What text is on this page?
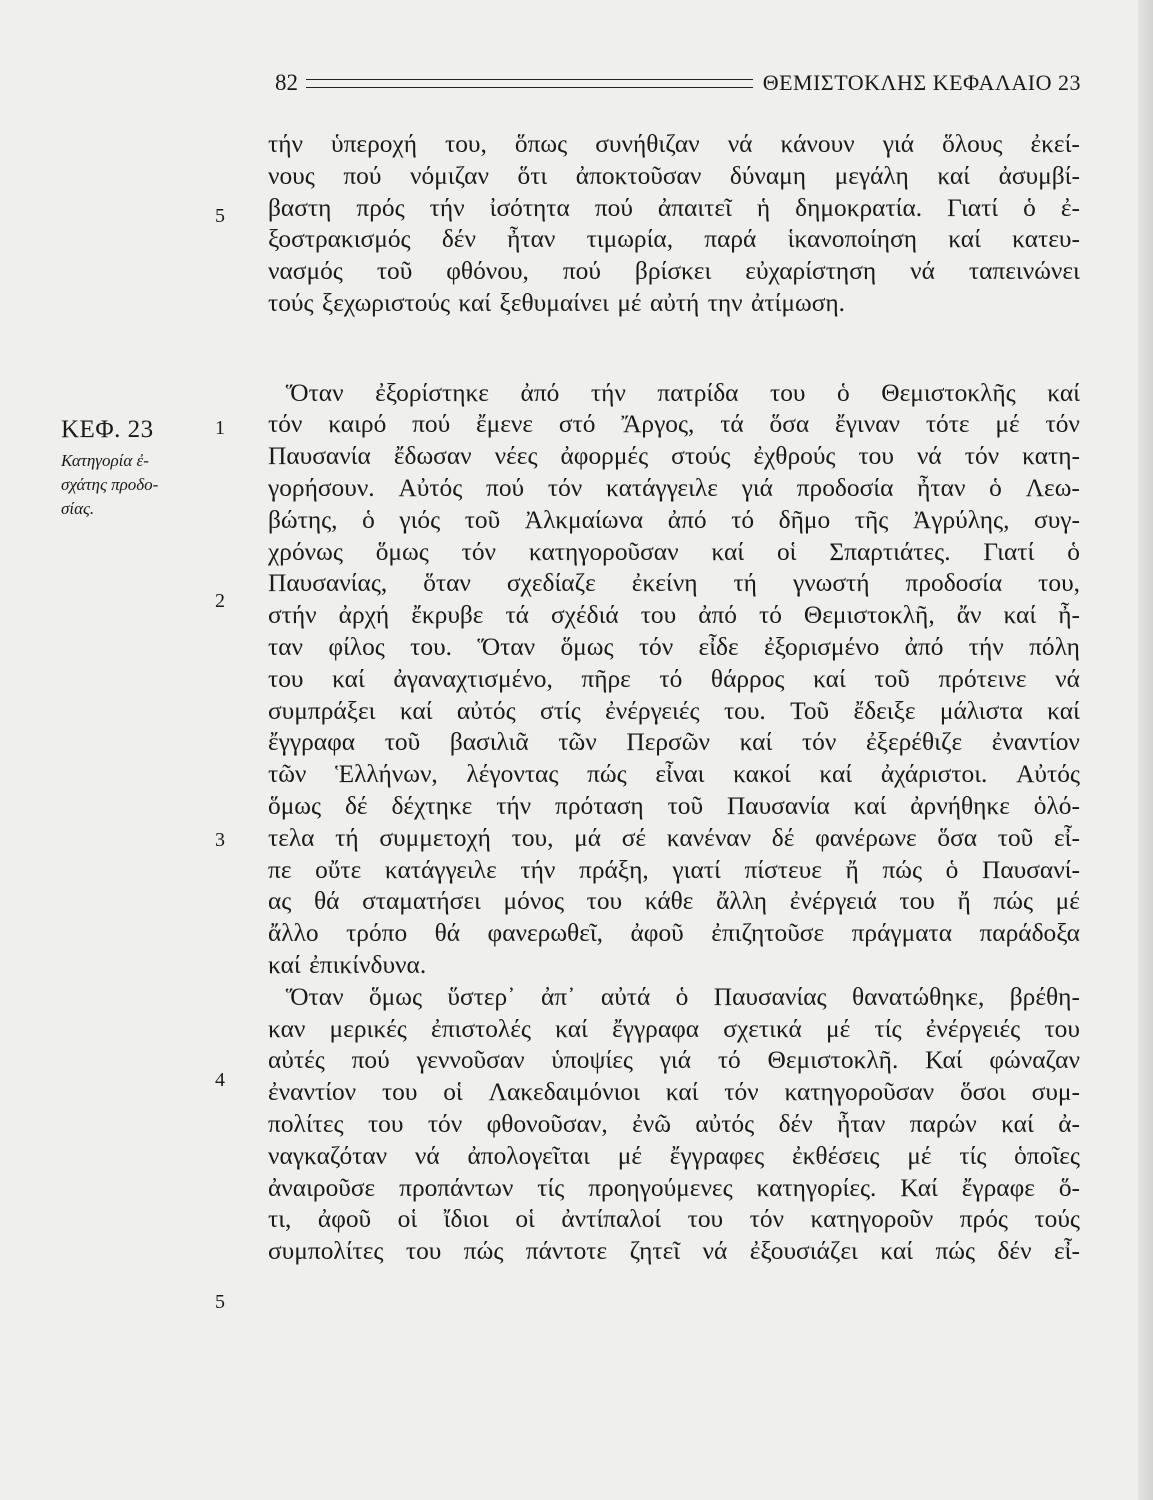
82	ΘΕΜΙΣΤΟΚΛΗΣ ΚΕΦΑΛΑΙΟ 23
ΚΕΦ. 23
Κατηγορία ἐ-
σχάτης προδο-
σίας.
5
1
2
3
4
5
τήν ὑπεροχή του, ὅπως συνήθιζαν νά κάνουν γιά ὅλους ἐκεί-
νους πού νόμιζαν ὅτι ἀποκτοῦσαν δύναμη μεγάλη καί ἀσυμβί-
βαστη πρός τήν ἰσότητα πού ἀπαιτεῖ ἡ δημοκρατία. Γιατί ὁ ἐ-
ξοστρακισμός δέν ἦταν τιμωρία, παρά ἱκανοποίηση καί κατευ-
νασμός τοῦ φθόνου, πού βρίσκει εὐχαρίστηση νά ταπεινώνει
τούς ξεχωριστούς καί ξεθυμαίνει μέ αὐτή την ἀτίμωση.
Ὅταν ἐξορίστηκε ἀπό τήν πατρίδα του ὁ Θεμιστοκλῆς καί
τόν καιρό πού ἔμενε στό Ἄργος, τά ὅσα ἔγιναν τότε μέ τόν
Παυσανία ἔδωσαν νέες ἀφορμές στούς ἐχθρούς του νά τόν κατη-
γορήσουν. Αὐτός πού τόν κατάγγειλε γιά προδοσία ἦταν ὁ Λεω-
βώτης, ὁ γιός τοῦ Ἀλκμαίωνα ἀπό τό δῆμο τῆς Ἀγρύλης, συγ-
χρόνως ὅμως τόν κατηγοροῦσαν καί οἱ Σπαρτιάτες. Γιατί ὁ
Παυσανίας, ὅταν σχεδίαζε ἐκείνη τή γνωστή προδοσία του,
στήν ἀρχή ἔκρυβε τά σχέδιά του ἀπό τό Θεμιστοκλῆ, ἄν καί ἦ-
ταν φίλος του. Ὅταν ὅμως τόν εἶδε ἐξορισμένο ἀπό τήν πόλη
του καί ἀγαναχτισμένο, πῆρε τό θάρρος καί τοῦ πρότεινε νά
συμπράξει καί αὐτός στίς ἐνέργειές του. Τοῦ ἔδειξε μάλιστα καί
ἔγγραφα τοῦ βασιλιᾶ τῶν Περσῶν καί τόν ἐξερέθιζε ἐναντίον
τῶν Ἑλλήνων, λέγοντας πώς εἶναι κακοί καί ἀχάριστοι. Αὐτός
ὅμως δέ δέχτηκε τήν πρόταση τοῦ Παυσανία καί ἀρνήθηκε ὁλό-
τελα τή συμμετοχή του, μά σέ κανέναν δέ φανέρωνε ὅσα τοῦ εἶ-
πε οὔτε κατάγγειλε τήν πράξη, γιατί πίστευε ἤ πώς ὁ Παυσανί-
ας θά σταματήσει μόνος του κάθε ἄλλη ἐνέργειά του ἤ πώς μέ
ἄλλο τρόπο θά φανερωθεῖ, ἀφοῦ ἐπιζητοῦσε πράγματα παράδοξα
καί ἐπικίνδυνα.
Ὅταν ὅμως ὕστερ᾿ ἀπ᾿ αὐτά ὁ Παυσανίας θανατώθηκε, βρέθη-
καν μερικές ἐπιστολές καί ἔγγραφα σχετικά μέ τίς ἐνέργειές του
αὐτές πού γεννοῦσαν ὑποψίες γιά τό Θεμιστοκλῆ. Καί φώναζαν
ἐναντίον του οἱ Λακεδαιμόνιοι καί τόν κατηγοροῦσαν ὅσοι συμ-
πολίτες του τόν φθονοῦσαν, ἐνῶ αὐτός δέν ἦταν παρών καί ἀ-
ναγκαζόταν νά ἀπολογεῖται μέ ἔγγραφες ἐκθέσεις μέ τίς ὁποῖες
ἀναιροῦσε προπάντων τίς προηγούμενες κατηγορίες. Καί ἔγραφε ὅ-
τι, ἀφοῦ οἱ ἴδιοι οἱ ἀντίπαλοί του τόν κατηγοροῦν πρός τούς
συμπολίτες του πώς πάντοτε ζητεῖ νά ἐξουσιάζει καί πώς δέν εἶ-
